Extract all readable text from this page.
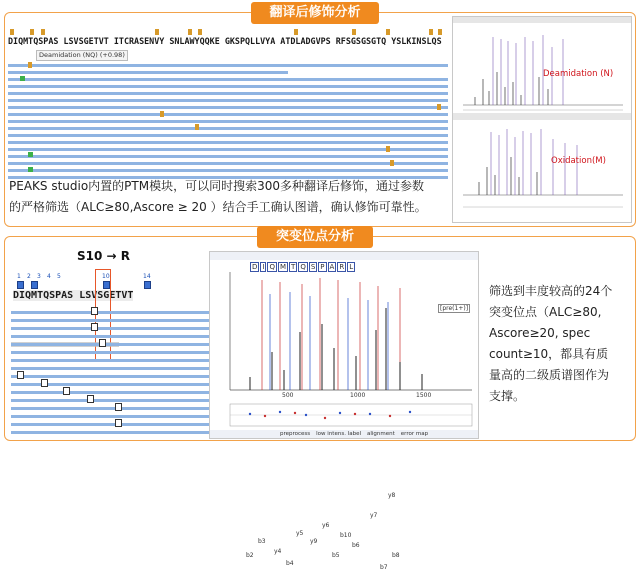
翻译后修饰分析
DIQMTQSPAS LSVSGETVT ITCRASENVY SNLAWYQQKE GKSPQLLVYA ATDLADGVPS RFSGSGSGTQ YSLKINSLQS
Deamidation (NQ) (+0.98)
PEAKS studio内置的PTM模块，可以同时搜索300多种翻译后修饰，通过参数
的严格筛选（ALC≥80,Ascore ≥ 20 ）结合手工确认图谱，确认修饰可靠性。
Deamidation (N)
Oxidation(M)
突变位点分析
S10 → R
1 2 3 4 5	10	14
DIQMTQSPAS LSVSGETVT
D I Q M T Q S P A R L
[pre(1+)]
y4
y5
y6
y7
y8
b2
b3
b5
b6
b7
b8
y9
b10
b4
500	1000	1500
preprocess low intens. label alignment error map
筛选到丰度较高的24个
突变位点（ALC≥80,
Ascore≥20, spec
count≥10，都具有质
量高的二级质谱图作为
支撑。
